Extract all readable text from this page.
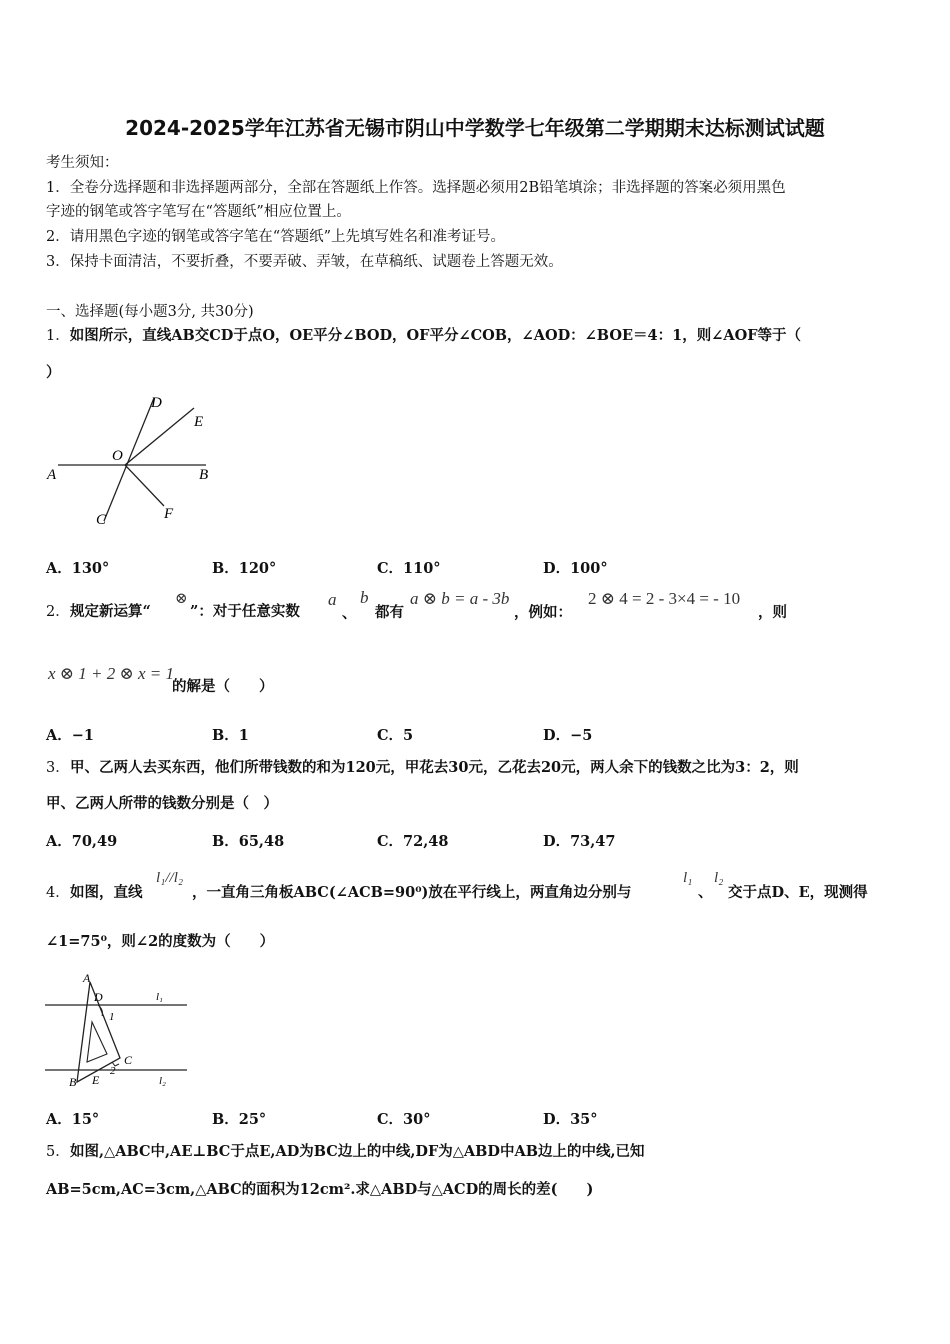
2024-2025学年江苏省无锡市阴山中学数学七年级第二学期期末达标测试试题
考生须知：
1．全卷分选择题和非选择题两部分，全部在答题纸上作答。选择题必须用2B铅笔填涂；非选择题的答案必须用黑色
字迹的钢笔或答字笔写在“答题纸”相应位置上。
2．请用黑色字迹的钢笔或答字笔在“答题纸”上先填写姓名和准考证号。
3．保持卡面清洁，不要折叠，不要弄破、弄皱，在草稿纸、试题卷上答题无效。
一、选择题(每小题3分, 共30分)
1．如图所示，直线AB交CD于点O，OE平分∠BOD，OF平分∠COB，∠AOD：∠BOE＝4：1，则∠AOF等于（
）
A	B
D
E
O
C	F
A．130°	B．120°	C．110°	D．100°
2． 规定新运算“
⊗
”：对于任意实数
a
、
b
都有
a ⊗ b = a - 3b
，例如：
2 ⊗ 4 = 2 - 3×4 = - 10
，则
x ⊗ 1 + 2 ⊗ x = 1
的解是（　　）
A．−1	B．1	C．5	D．−5
3． 甲、乙两人去买东西，他们所带钱数的和为120元，甲花去30元，乙花去20元，两人余下的钱数之比为3：2，则
甲、乙两人所带的钱数分别是（　）
A．70,49	B．65,48	C．72,48	D．73,47
4． 如图，直线
l₁//l₂
，一直角三角板ABC(∠ACB=90⁰)放在平行线上，两直角边分别与
l₁
、
l₂
交于点D、E，现测得
∠1=75⁰，则∠2的度数为（　　）
A
D
1
C
2
B E
l₁
l₂
A．15°	B．25°	C．30°	D．35°
5． 如图,△ABC中,AE⊥BC于点E,AD为BC边上的中线,DF为△ABD中AB边上的中线,已知
AB=5cm,AC=3cm,△ABC的面积为12cm².求△ABD与△ACD的周长的差(　　)
